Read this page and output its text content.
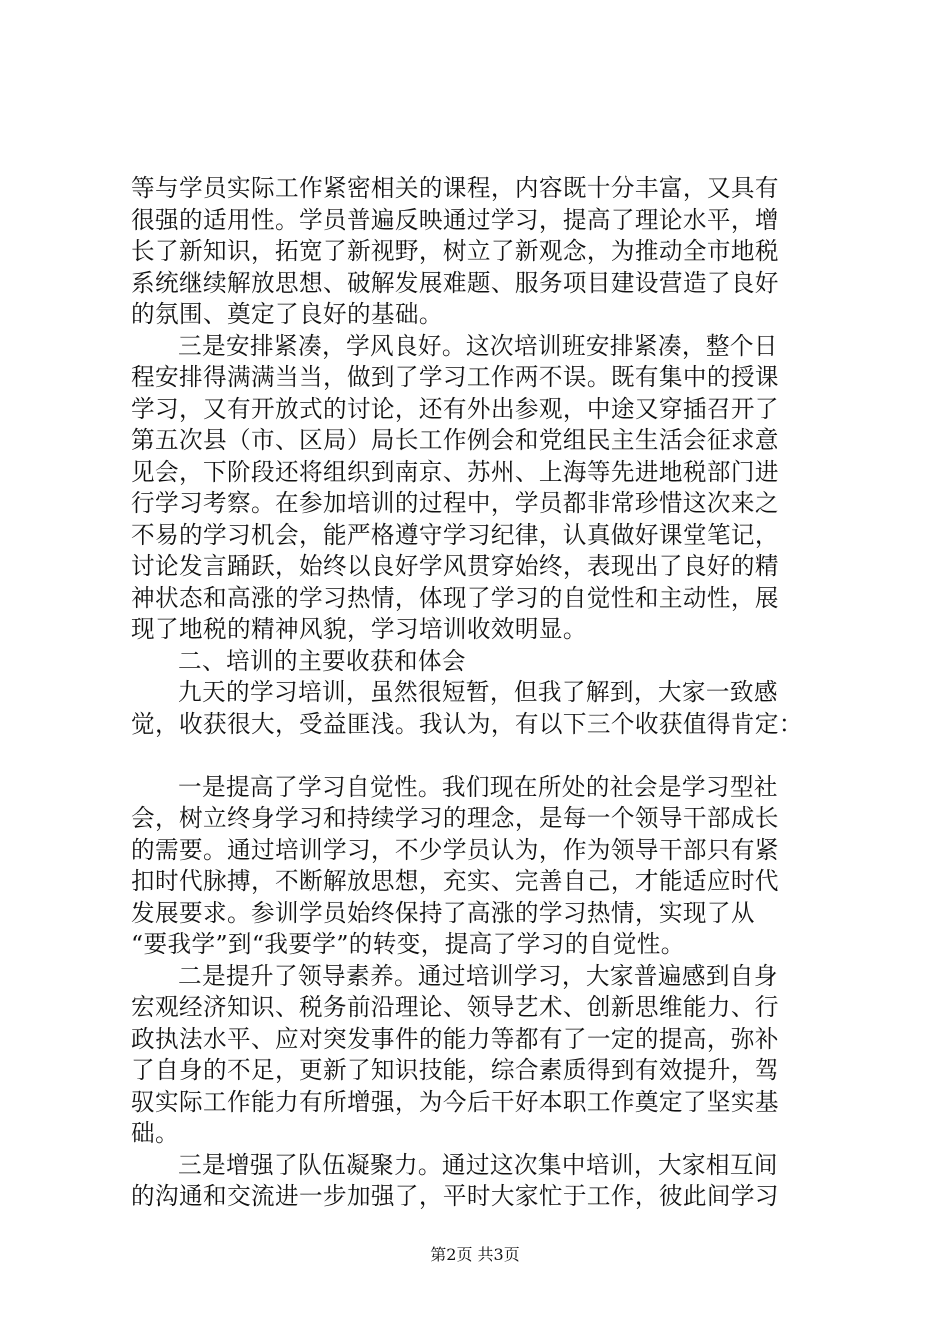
等与学员实际工作紧密相关的课程，内容既十分丰富，又具有
很强的适用性。学员普遍反映通过学习，提高了理论水平，增
长了新知识，拓宽了新视野，树立了新观念，为推动全市地税
系统继续解放思想、破解发展难题、服务项目建设营造了良好
的氛围、奠定了良好的基础。
三是安排紧凑，学风良好。这次培训班安排紧凑，整个日
程安排得满满当当，做到了学习工作两不误。既有集中的授课
学习，又有开放式的讨论，还有外出参观，中途又穿插召开了
第五次县（市、区局）局长工作例会和党组民主生活会征求意
见会，下阶段还将组织到南京、苏州、上海等先进地税部门进
行学习考察。在参加培训的过程中，学员都非常珍惜这次来之
不易的学习机会，能严格遵守学习纪律，认真做好课堂笔记，
讨论发言踊跃，始终以良好学风贯穿始终，表现出了良好的精
神状态和高涨的学习热情，体现了学习的自觉性和主动性，展
现了地税的精神风貌，学习培训收效明显。
二、培训的主要收获和体会
九天的学习培训，虽然很短暂，但我了解到，大家一致感
觉，收获很大，受益匪浅。我认为，有以下三个收获值得肯定：
一是提高了学习自觉性。我们现在所处的社会是学习型社
会，树立终身学习和持续学习的理念，是每一个领导干部成长
的需要。通过培训学习，不少学员认为，作为领导干部只有紧
扣时代脉搏，不断解放思想，充实、完善自己，才能适应时代
发展要求。参训学员始终保持了高涨的学习热情，实现了从
“要我学”到“我要学”的转变，提高了学习的自觉性。
二是提升了领导素养。通过培训学习，大家普遍感到自身
宏观经济知识、税务前沿理论、领导艺术、创新思维能力、行
政执法水平、应对突发事件的能力等都有了一定的提高，弥补
了自身的不足，更新了知识技能，综合素质得到有效提升，驾
驭实际工作能力有所增强，为今后干好本职工作奠定了坚实基
础。
三是增强了队伍凝聚力。通过这次集中培训，大家相互间
的沟通和交流进一步加强了，平时大家忙于工作，彼此间学习
第2页 共3页
